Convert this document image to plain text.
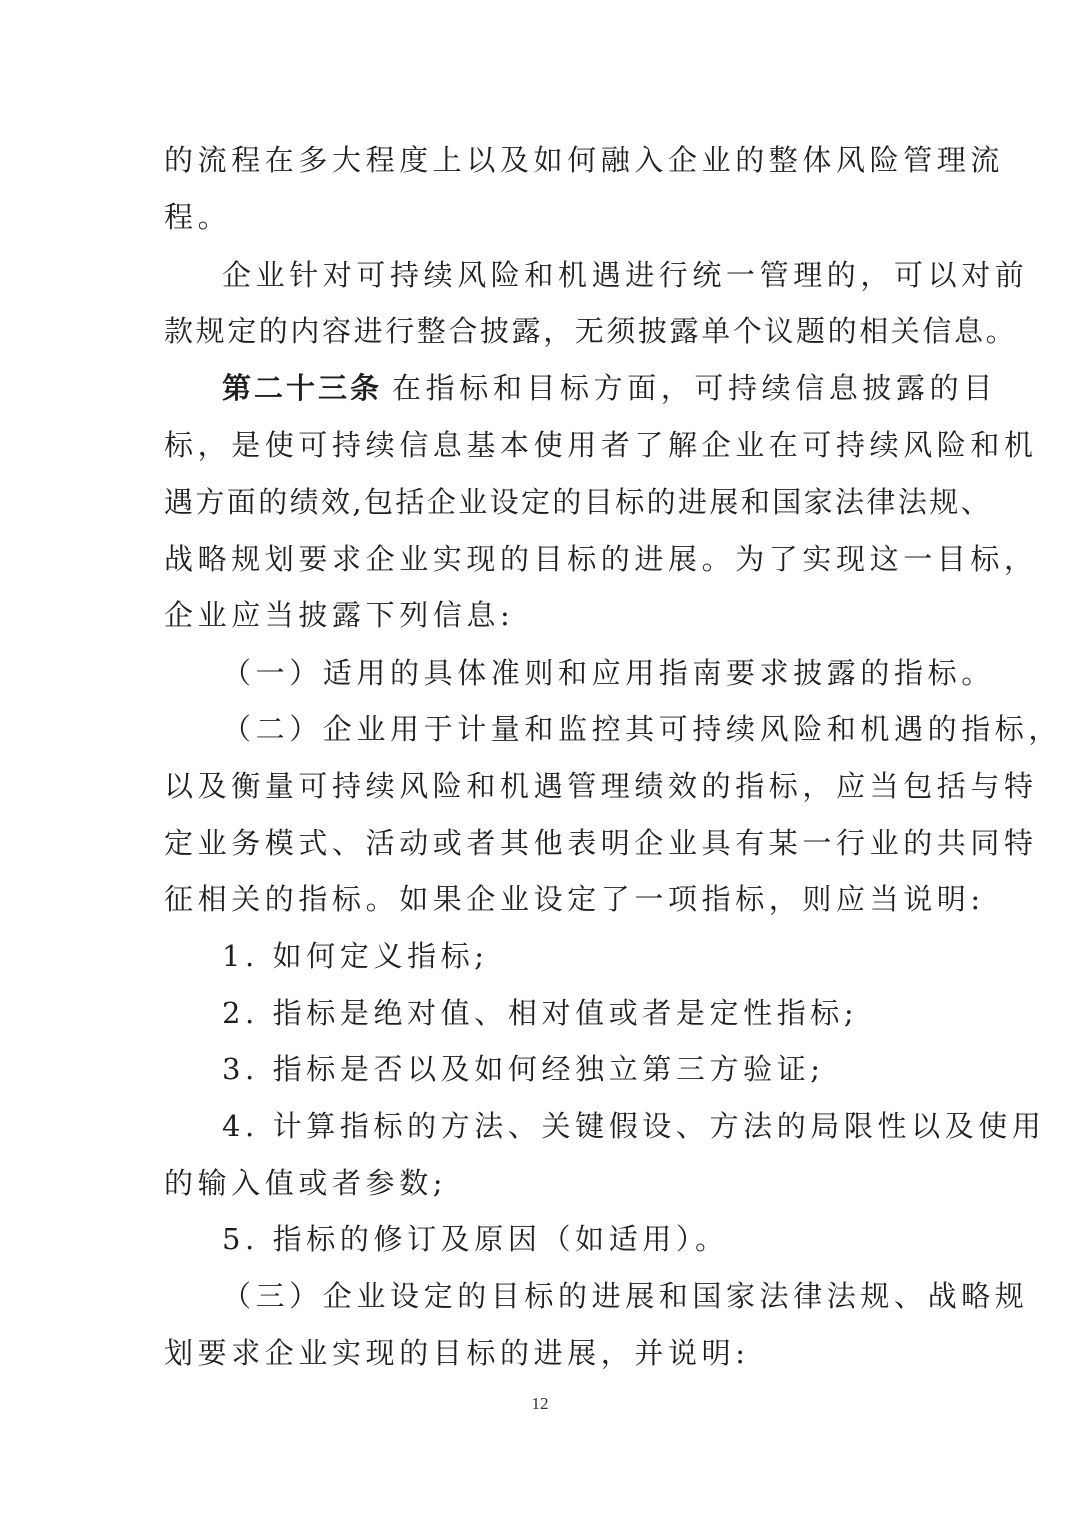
的流程在多大程度上以及如何融入企业的整体风险管理流
程。
企业针对可持续风险和机遇进行统一管理的，可以对前
款规定的内容进行整合披露，无须披露单个议题的相关信息。
第二十三条 在指标和目标方面，可持续信息披露的目
标，是使可持续信息基本使用者了解企业在可持续风险和机
遇方面的绩效,包括企业设定的目标的进展和国家法律法规、
战略规划要求企业实现的目标的进展。为了实现这一目标，
企业应当披露下列信息:
（一）适用的具体准则和应用指南要求披露的指标。
（二）企业用于计量和监控其可持续风险和机遇的指标，
以及衡量可持续风险和机遇管理绩效的指标，应当包括与特
定业务模式、活动或者其他表明企业具有某一行业的共同特
征相关的指标。如果企业设定了一项指标，则应当说明:
1. 如何定义指标;
2. 指标是绝对值、相对值或者是定性指标;
3. 指标是否以及如何经独立第三方验证;
4. 计算指标的方法、关键假设、方法的局限性以及使用
的输入值或者参数;
5. 指标的修订及原因（如适用）。
（三）企业设定的目标的进展和国家法律法规、战略规
划要求企业实现的目标的进展，并说明:
12
